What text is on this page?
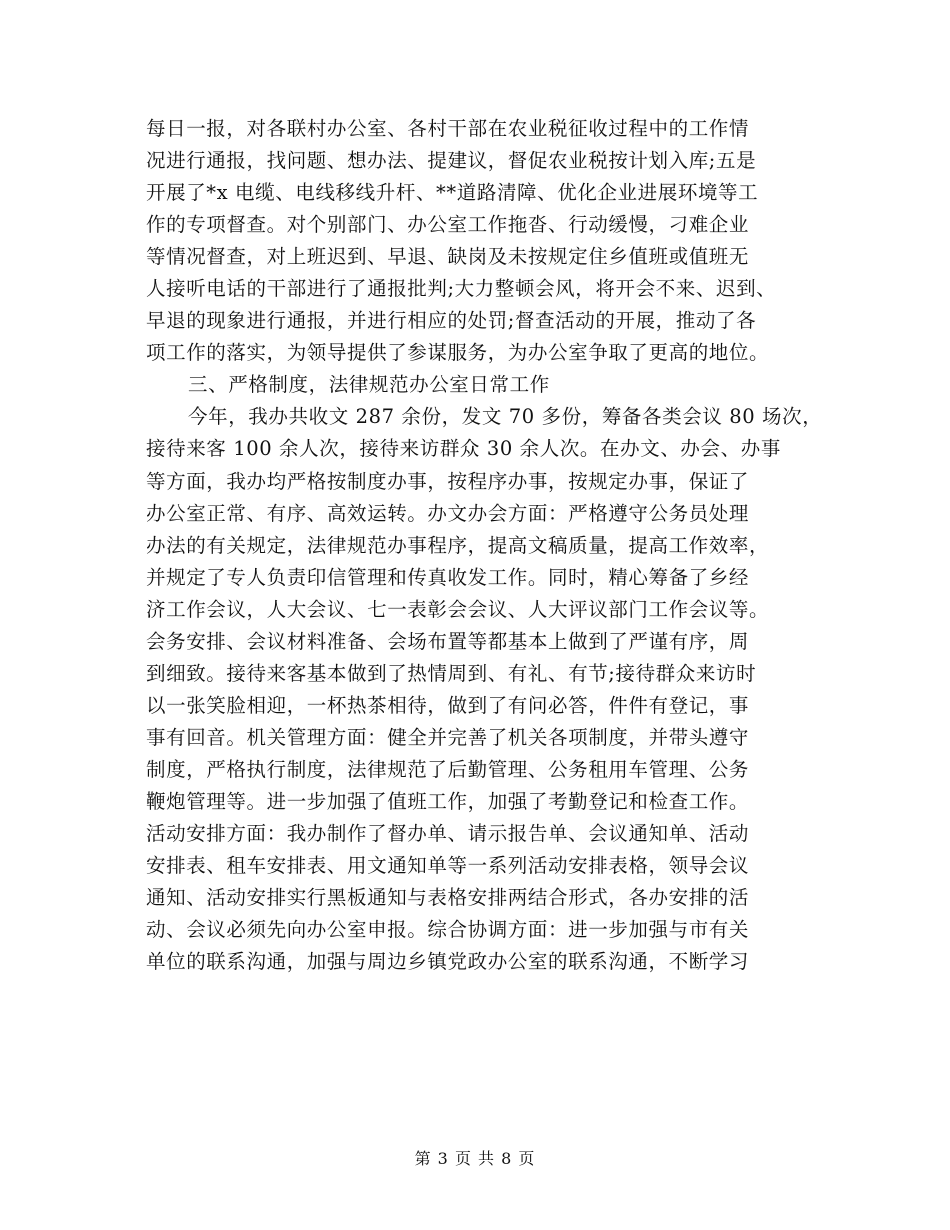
每日一报，对各联村办公室、各村干部在农业税征收过程中的工作情
况进行通报，找问题、想办法、提建议，督促农业税按计划入库;五是
开展了*x 电缆、电线移线升杆、**道路清障、优化企业进展环境等工
作的专项督查。对个别部门、办公室工作拖沓、行动缓慢，刁难企业
等情况督查，对上班迟到、早退、缺岗及未按规定住乡值班或值班无
人接听电话的干部进行了通报批判;大力整顿会风，将开会不来、迟到、
早退的现象进行通报，并进行相应的处罚;督查活动的开展，推动了各
项工作的落实，为领导提供了参谋服务，为办公室争取了更高的地位。
三、严格制度，法律规范办公室日常工作
今年，我办共收文 287 余份，发文 70 多份，筹备各类会议 80 场次，
接待来客 100 余人次，接待来访群众 30 余人次。在办文、办会、办事
等方面，我办均严格按制度办事，按程序办事，按规定办事，保证了
办公室正常、有序、高效运转。办文办会方面：严格遵守公务员处理
办法的有关规定，法律规范办事程序，提高文稿质量，提高工作效率，
并规定了专人负责印信管理和传真收发工作。同时，精心筹备了乡经
济工作会议，人大会议、七一表彰会会议、人大评议部门工作会议等。
会务安排、会议材料准备、会场布置等都基本上做到了严谨有序，周
到细致。接待来客基本做到了热情周到、有礼、有节;接待群众来访时
以一张笑脸相迎，一杯热茶相待，做到了有问必答，件件有登记，事
事有回音。机关管理方面：健全并完善了机关各项制度，并带头遵守
制度，严格执行制度，法律规范了后勤管理、公务租用车管理、公务
鞭炮管理等。进一步加强了值班工作，加强了考勤登记和检查工作。
活动安排方面：我办制作了督办单、请示报告单、会议通知单、活动
安排表、租车安排表、用文通知单等一系列活动安排表格，领导会议
通知、活动安排实行黑板通知与表格安排两结合形式，各办安排的活
动、会议必须先向办公室申报。综合协调方面：进一步加强与市有关
单位的联系沟通，加强与周边乡镇党政办公室的联系沟通，不断学习
第 3 页 共 8 页
